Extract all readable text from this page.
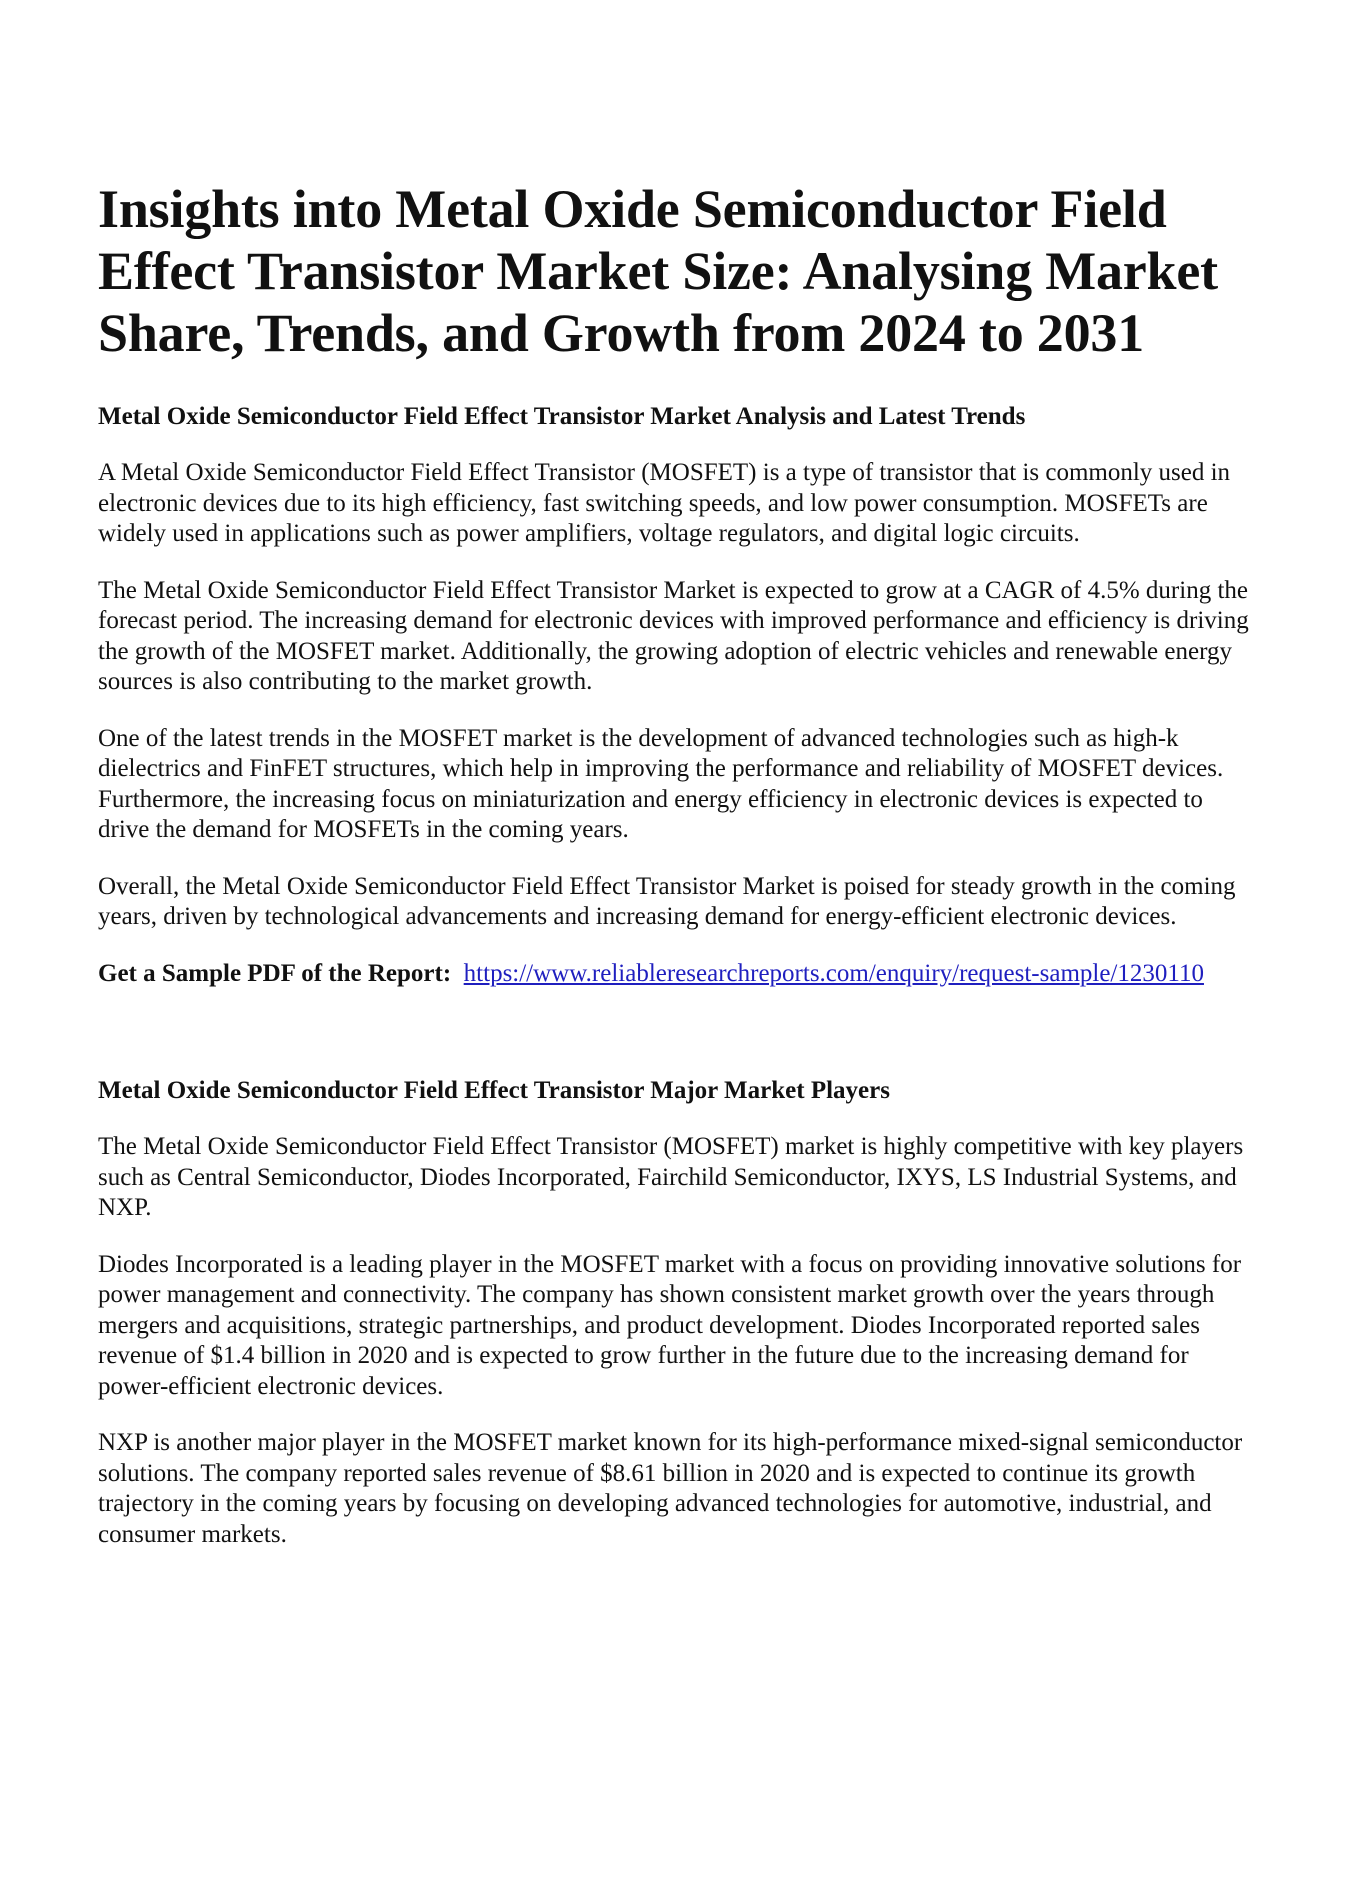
Insights into Metal Oxide Semiconductor Field Effect Transistor Market Size: Analysing Market Share, Trends, and Growth from 2024 to 2031
Metal Oxide Semiconductor Field Effect Transistor Market Analysis and Latest Trends

A Metal Oxide Semiconductor Field Effect Transistor (MOSFET) is a type of transistor that is commonly used in electronic devices due to its high efficiency, fast switching speeds, and low power consumption. MOSFETs are widely used in applications such as power amplifiers, voltage regulators, and digital logic circuits.

The Metal Oxide Semiconductor Field Effect Transistor Market is expected to grow at a CAGR of 4.5% during the forecast period. The increasing demand for electronic devices with improved performance and efficiency is driving the growth of the MOSFET market. Additionally, the growing adoption of electric vehicles and renewable energy sources is also contributing to the market growth.

One of the latest trends in the MOSFET market is the development of advanced technologies such as high-k dielectrics and FinFET structures, which help in improving the performance and reliability of MOSFET devices. Furthermore, the increasing focus on miniaturization and energy efficiency in electronic devices is expected to drive the demand for MOSFETs in the coming years.

Overall, the Metal Oxide Semiconductor Field Effect Transistor Market is poised for steady growth in the coming years, driven by technological advancements and increasing demand for energy-efficient electronic devices.

Get a Sample PDF of the Report: https://www.reliableresearchreports.com/enquiry/request-sample/1230110

Metal Oxide Semiconductor Field Effect Transistor Major Market Players

The Metal Oxide Semiconductor Field Effect Transistor (MOSFET) market is highly competitive with key players such as Central Semiconductor, Diodes Incorporated, Fairchild Semiconductor, IXYS, LS Industrial Systems, and NXP.

Diodes Incorporated is a leading player in the MOSFET market with a focus on providing innovative solutions for power management and connectivity. The company has shown consistent market growth over the years through mergers and acquisitions, strategic partnerships, and product development. Diodes Incorporated reported sales revenue of $1.4 billion in 2020 and is expected to grow further in the future due to the increasing demand for power-efficient electronic devices.

NXP is another major player in the MOSFET market known for its high-performance mixed-signal semiconductor solutions. The company reported sales revenue of $8.61 billion in 2020 and is expected to continue its growth trajectory in the coming years by focusing on developing advanced technologies for automotive, industrial, and consumer markets.
